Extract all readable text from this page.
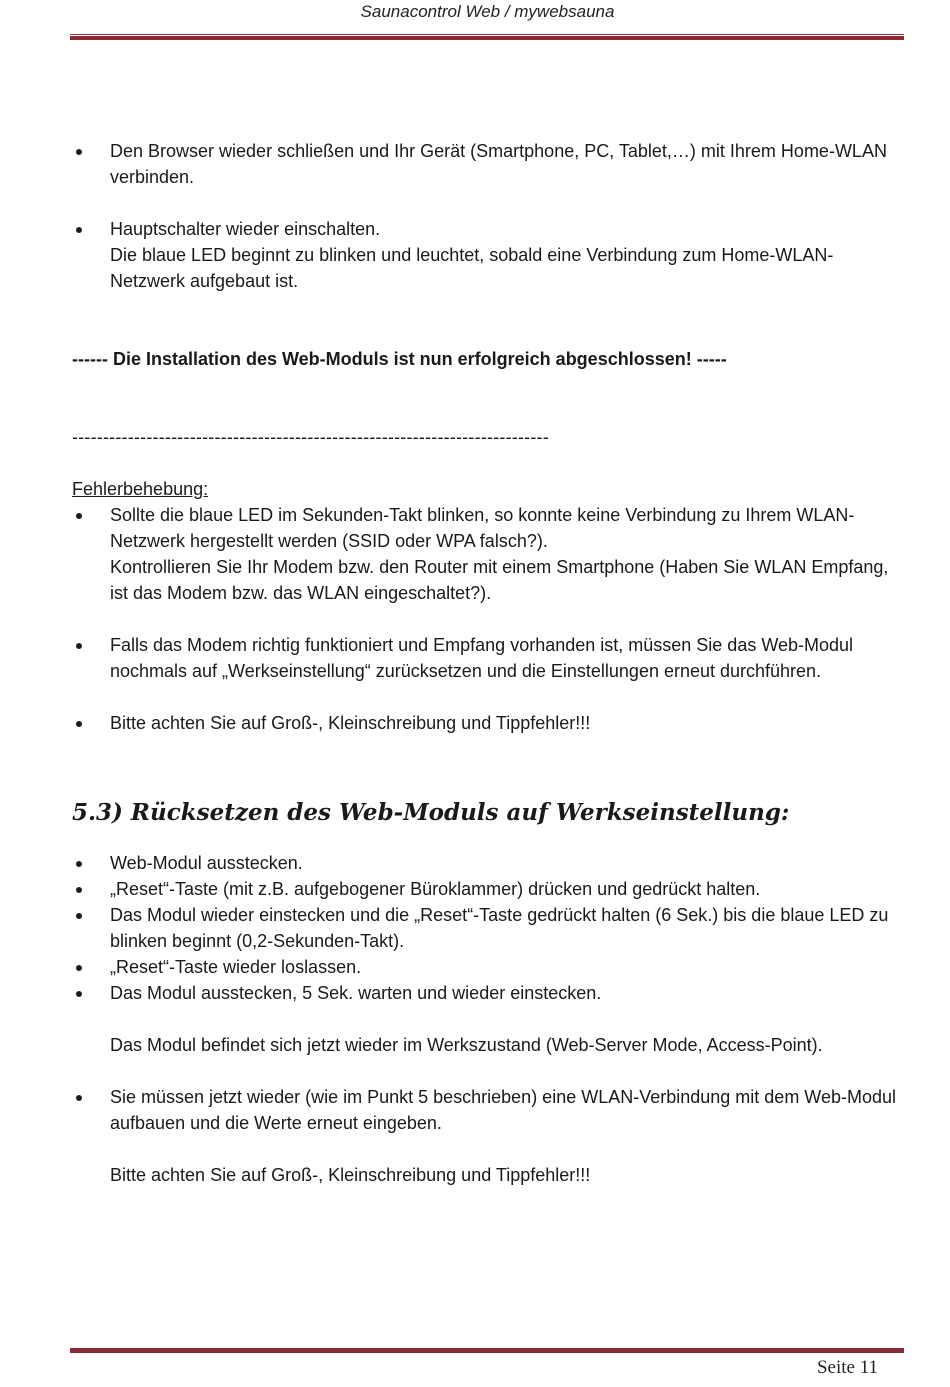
Saunacontrol Web / mywebsauna
Den Browser wieder schließen und Ihr Gerät (Smartphone, PC, Tablet,…) mit Ihrem Home-WLAN verbinden.
Hauptschalter wieder einschalten.
Die blaue LED beginnt zu blinken und leuchtet, sobald eine Verbindung zum Home-WLAN-Netzwerk aufgebaut ist.
------ Die Installation des Web-Moduls ist nun erfolgreich abgeschlossen! -----
-----------------------------------------------------------------------------
Fehlerbehebung:
Sollte die blaue LED im Sekunden-Takt blinken, so konnte keine Verbindung zu Ihrem WLAN-Netzwerk hergestellt werden (SSID oder WPA falsch?).
Kontrollieren Sie Ihr Modem bzw. den Router mit einem Smartphone (Haben Sie WLAN Empfang, ist das Modem bzw. das WLAN eingeschaltet?).
Falls das Modem richtig funktioniert und Empfang vorhanden ist, müssen Sie das Web-Modul nochmals auf „Werkseinstellung“ zurücksetzen und die Einstellungen erneut durchführen.
Bitte achten Sie auf Groß-, Kleinschreibung und Tippfehler!!!
5.3) Rücksetzen des Web-Moduls auf Werkseinstellung:
Web-Modul ausstecken.
„Reset“-Taste (mit z.B. aufgebogener Büroklammer) drücken und gedrückt halten.
Das Modul wieder einstecken und die „Reset“-Taste gedrückt halten (6 Sek.) bis die blaue LED zu blinken beginnt (0,2-Sekunden-Takt).
„Reset“-Taste wieder loslassen.
Das Modul ausstecken, 5 Sek. warten und wieder einstecken.
Das Modul befindet sich jetzt wieder im Werkszustand (Web-Server Mode, Access-Point).
Sie müssen jetzt wieder (wie im Punkt 5 beschrieben) eine WLAN-Verbindung mit dem Web-Modul aufbauen und die Werte erneut eingeben.
Bitte achten Sie auf Groß-, Kleinschreibung und Tippfehler!!!
Seite 11
